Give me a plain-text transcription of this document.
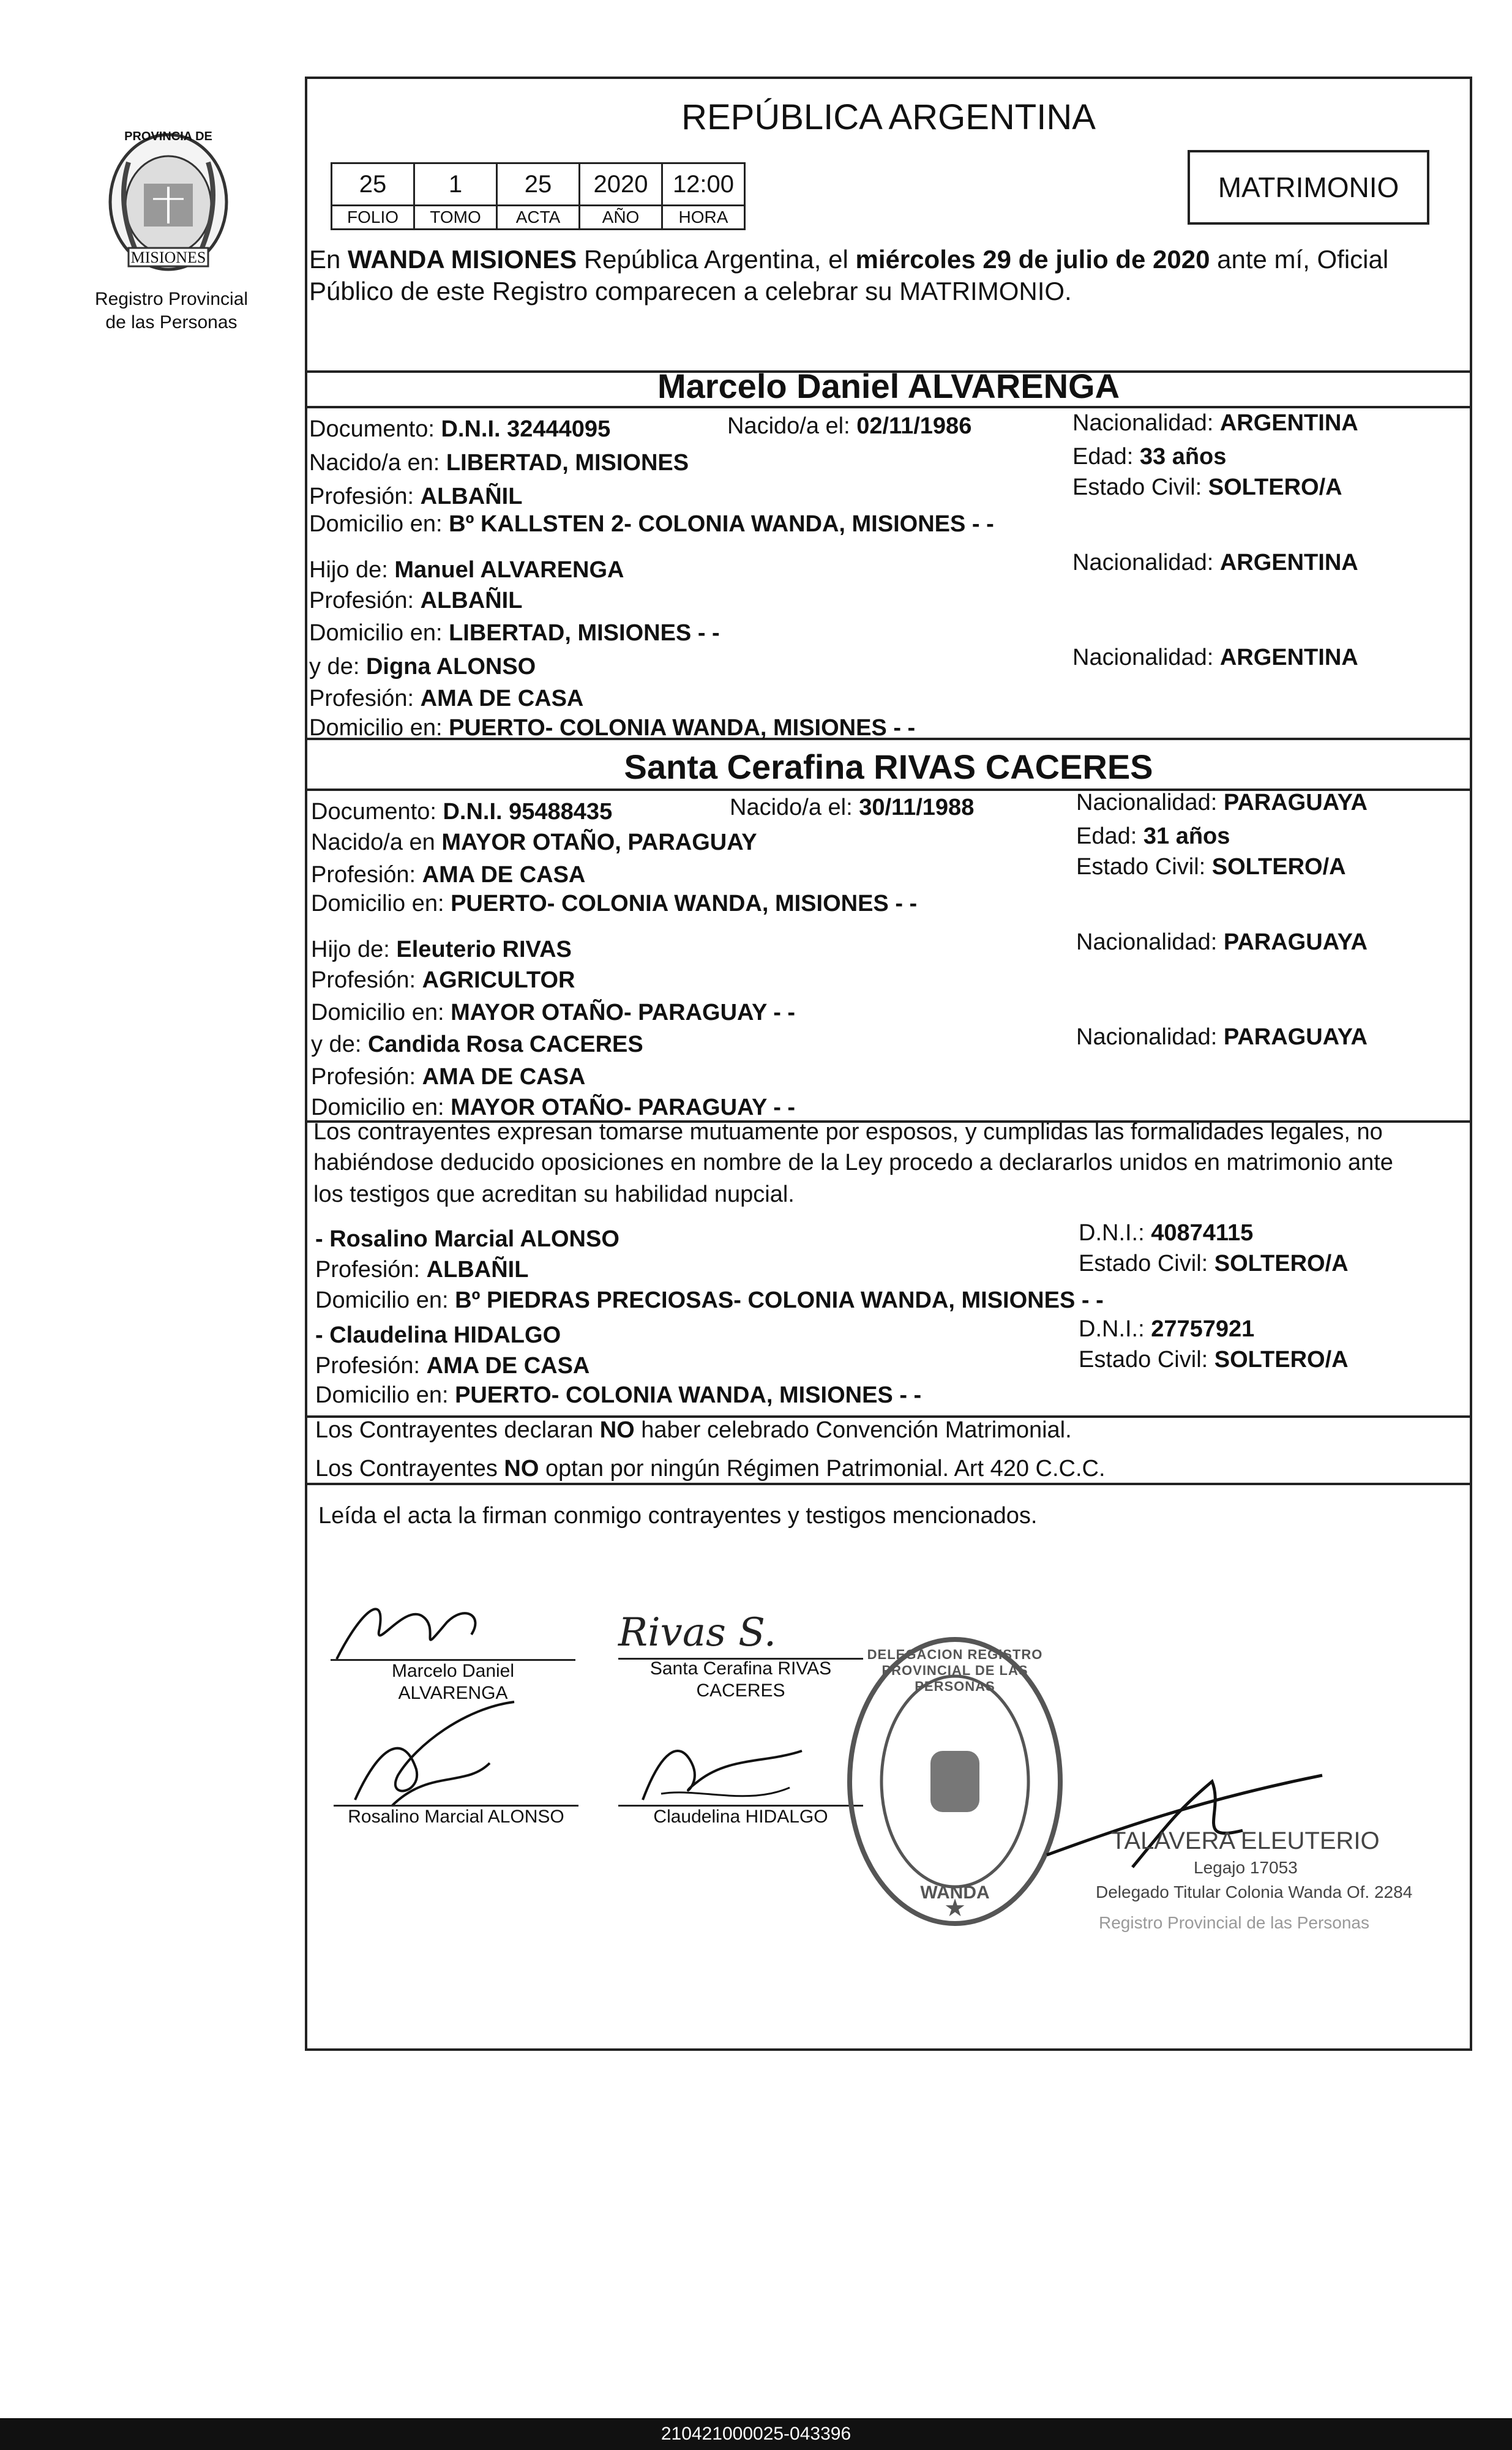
PROVINCIA DE
MISIONES
Registro Provincial
de las Personas
REPÚBLICA ARGENTINA
25	1	25	2020	12:00
FOLIO	TOMO	ACTA	AÑO	HORA
MATRIMONIO
En WANDA MISIONES República Argentina, el miércoles 29 de julio de 2020 ante mí, Oficial
Público de este Registro comparecen a celebrar su MATRIMONIO.
Marcelo Daniel ALVARENGA
Documento: D.N.I. 32444095	Nacido/a el: 02/11/1986	Nacionalidad: ARGENTINA
Nacido/a en: LIBERTAD, MISIONES	Edad: 33 años
Profesión: ALBAÑIL	Estado Civil: SOLTERO/A
Domicilio en: Bº KALLSTEN 2- COLONIA WANDA, MISIONES - -
Hijo de: Manuel ALVARENGA	Nacionalidad: ARGENTINA
Profesión: ALBAÑIL
Domicilio en: LIBERTAD, MISIONES - -
y de: Digna ALONSO	Nacionalidad: ARGENTINA
Profesión: AMA DE CASA
Domicilio en: PUERTO- COLONIA WANDA, MISIONES - -
Santa Cerafina RIVAS CACERES
Documento: D.N.I. 95488435	Nacido/a el: 30/11/1988	Nacionalidad: PARAGUAYA
Nacido/a en MAYOR OTAÑO, PARAGUAY	Edad: 31 años
Profesión: AMA DE CASA	Estado Civil: SOLTERO/A
Domicilio en: PUERTO- COLONIA WANDA, MISIONES - -
Hijo de: Eleuterio RIVAS	Nacionalidad: PARAGUAYA
Profesión: AGRICULTOR
Domicilio en: MAYOR OTAÑO- PARAGUAY - -
y de: Candida Rosa CACERES	Nacionalidad: PARAGUAYA
Profesión: AMA DE CASA
Domicilio en: MAYOR OTAÑO- PARAGUAY - -
Los contrayentes expresan tomarse mutuamente por esposos, y cumplidas las formalidades legales, no
habiéndose deducido oposiciones en nombre de la Ley procedo a declararlos unidos en matrimonio ante
los testigos que acreditan su habilidad nupcial.
- Rosalino Marcial ALONSO	D.N.I.: 40874115
Profesión: ALBAÑIL	Estado Civil: SOLTERO/A
Domicilio en: Bº PIEDRAS PRECIOSAS- COLONIA WANDA, MISIONES - -
- Claudelina HIDALGO	D.N.I.: 27757921
Profesión: AMA DE CASA	Estado Civil: SOLTERO/A
Domicilio en: PUERTO- COLONIA WANDA, MISIONES - -
Los Contrayentes declaran NO haber celebrado Convención Matrimonial.
Los Contrayentes NO optan por ningún Régimen Patrimonial. Art 420 C.C.C.
Leída el acta la firman conmigo contrayentes y testigos mencionados.
Marcelo Daniel
ALVARENGA
Rivas S.
Santa Cerafina RIVAS
CACERES
Rosalino Marcial ALONSO	Claudelina HIDALGO
★
DELEGACION REGISTRO PROVINCIAL DE LAS PERSONAS
WANDA
TALAVERA ELEUTERIO
Legajo 17053
Delegado Titular Colonia Wanda Of. 2284
Registro Provincial de las Personas
210421000025-043396
